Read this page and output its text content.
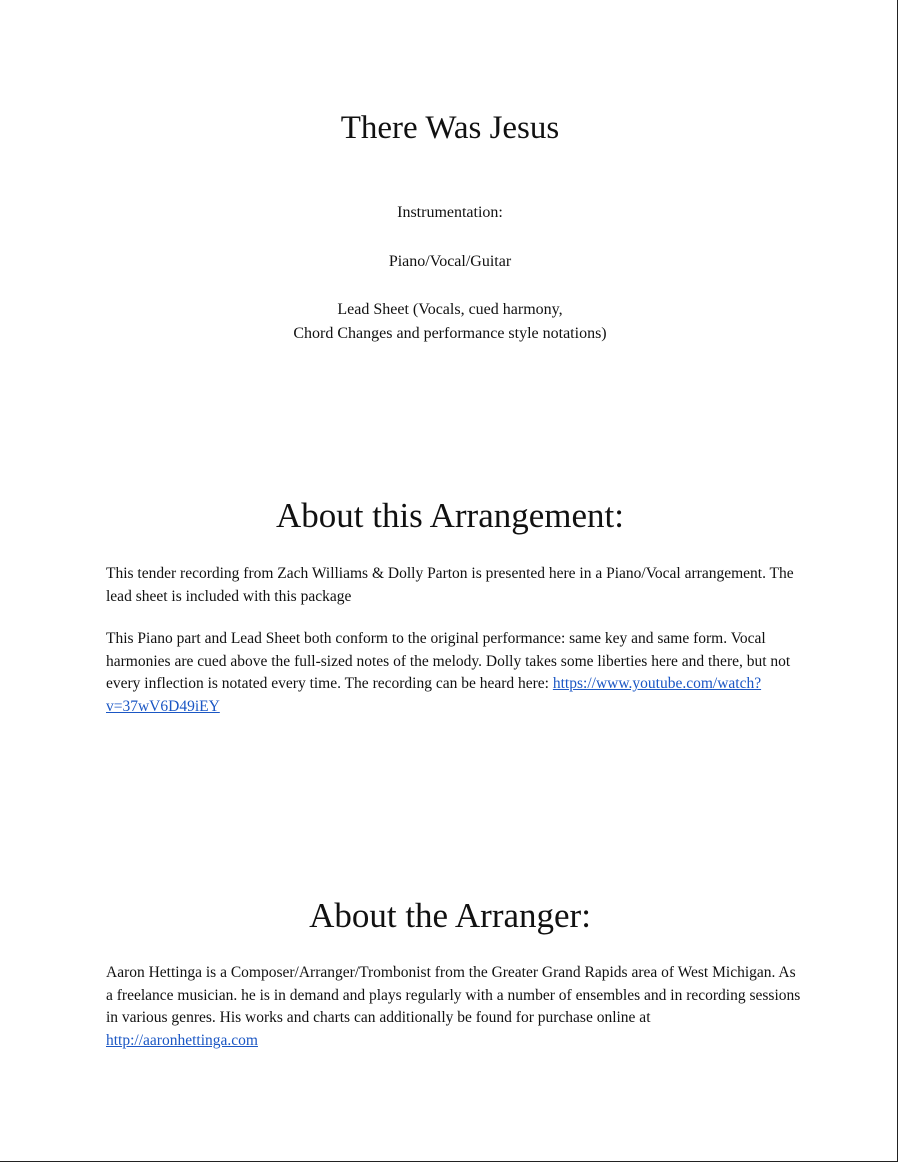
There Was Jesus
Instrumentation:
Piano/Vocal/Guitar
Lead Sheet (Vocals, cued harmony,
Chord Changes and performance style notations)
About this Arrangement:
This tender recording from Zach Williams & Dolly Parton is presented here in a Piano/Vocal arrangement. The lead sheet is included with this package
This Piano part and Lead Sheet both conform to the original performance: same key and same form. Vocal harmonies are cued above the full-sized notes of the melody. Dolly takes some liberties here and there, but not every inflection is notated every time. The recording can be heard here: https://www.youtube.com/watch?v=37wV6D49iEY
About the Arranger:
Aaron Hettinga is a Composer/Arranger/Trombonist from the Greater Grand Rapids area of West Michigan. As a freelance musician. he is in demand and plays regularly with a number of ensembles and in recording sessions in various genres. His works and charts can additionally be found for purchase online at http://aaronhettinga.com
